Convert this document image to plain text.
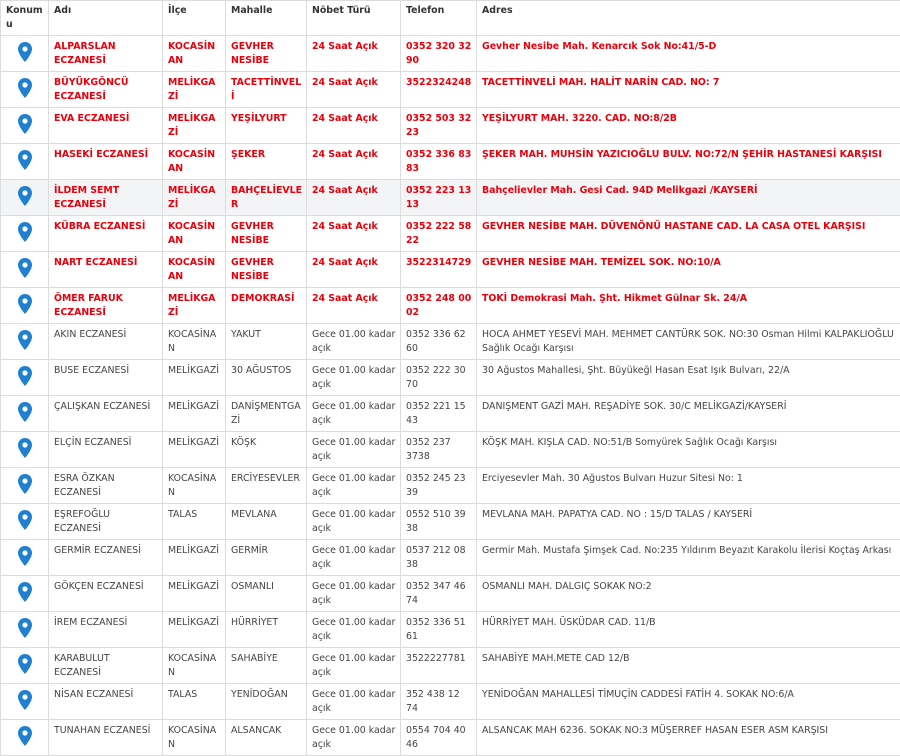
Konumu	Adı	İlçe	Mahalle	Nöbet Türü	Telefon	Adres
	ALPARSLAN ECZANESİ	KOCASİNAN	GEVHER NESİBE	24 Saat Açık	0352 320 32 90	Gevher Nesibe Mah. Kenarcık Sok No:41/5-D
	BÜYÜKGÖNCÜ ECZANESİ	MELİKGAZİ	TACETTİNVELİ	24 Saat Açık	3522324248	TACETTİNVELİ MAH. HALİT NARİN CAD. NO: 7
	EVA ECZANESİ	MELİKGAZİ	YEŞİLYURT	24 Saat Açık	0352 503 32 23	YEŞİLYURT MAH. 3220. CAD. NO:8/2B
	HASEKİ ECZANESİ	KOCASİNAN	ŞEKER	24 Saat Açık	0352 336 83 83	ŞEKER MAH. MUHSİN YAZICIOĞLU BULV. NO:72/N ŞEHİR HASTANESİ KARŞISI
	İLDEM SEMT ECZANESİ	MELİKGAZİ	BAHÇELİEVLER	24 Saat Açık	0352 223 13 13	Bahçelievler Mah. Gesi Cad. 94D Melikgazi /KAYSERİ
	KÜBRA ECZANESİ	KOCASİNAN	GEVHER NESİBE	24 Saat Açık	0352 222 58 22	GEVHER NESİBE MAH. DÜVENÖNÜ HASTANE CAD. LA CASA OTEL KARŞISI
	NART ECZANESİ	KOCASİNAN	GEVHER NESİBE	24 Saat Açık	3522314729	GEVHER NESİBE MAH. TEMİZEL SOK. NO:10/A
	ÖMER FARUK ECZANESİ	MELİKGAZİ	DEMOKRASİ	24 Saat Açık	0352 248 00 02	TOKİ Demokrasi Mah. Şht. Hikmet Gülnar Sk. 24/A
	AKIN ECZANESİ	KOCASİNAN	YAKUT	Gece 01.00 kadar açık	0352 336 62 60	HOCA AHMET YESEVİ MAH. MEHMET CANTÜRK SOK. NO:30 Osman Hilmi KALPAKLIOĞLU Sağlık Ocağı Karşısı
	BUSE ECZANESİ	MELİKGAZİ	30 AĞUSTOS	Gece 01.00 kadar açık	0352 222 30 70	30 Ağustos Mahallesi, Şht. Büyükeğl Hasan Esat Işık Bulvarı, 22/A
	ÇALIŞKAN ECZANESİ	MELİKGAZİ	DANİŞMENTGAZİ	Gece 01.00 kadar açık	0352 221 15 43	DANIŞMENT GAZİ MAH. REŞADİYE SOK. 30/C MELİKGAZİ/KAYSERİ
	ELÇİN ECZANESİ	MELİKGAZİ	KÖŞK	Gece 01.00 kadar açık	0352 237 3738	KÖŞK MAH. KIŞLA CAD. NO:51/B Somyürek Sağlık Ocağı Karşısı
	ESRA ÖZKAN ECZANESİ	KOCASİNAN	ERCİYESEVLER	Gece 01.00 kadar açık	0352 245 23 39	Erciyesevler Mah. 30 Ağustos Bulvarı Huzur Sitesi No: 1
	EŞREFOĞLU ECZANESİ	TALAS	MEVLANA	Gece 01.00 kadar açık	0552 510 39 38	MEVLANA MAH. PAPATYA CAD. NO : 15/D TALAS / KAYSERİ
	GERMİR ECZANESİ	MELİKGAZİ	GERMİR	Gece 01.00 kadar açık	0537 212 08 38	Germir Mah. Mustafa Şimşek Cad. No:235 Yıldırım Beyazıt Karakolu İlerisi Koçtaş Arkası
	GÖKÇEN ECZANESİ	MELİKGAZİ	OSMANLI	Gece 01.00 kadar açık	0352 347 46 74	OSMANLI MAH. DALGIÇ SOKAK NO:2
	İREM ECZANESİ	MELİKGAZİ	HÜRRİYET	Gece 01.00 kadar açık	0352 336 51 61	HÜRRİYET MAH. ÜSKÜDAR CAD. 11/B
	KARABULUT ECZANESİ	KOCASİNAN	SAHABİYE	Gece 01.00 kadar açık	3522227781	SAHABİYE MAH.METE CAD 12/B
	NİSAN ECZANESİ	TALAS	YENİDOĞAN	Gece 01.00 kadar açık	352 438 12 74	YENİDOĞAN MAHALLESİ TİMUÇİN CADDESİ FATİH 4. SOKAK NO:6/A
	TUNAHAN ECZANESİ	KOCASİNAN	ALSANCAK	Gece 01.00 kadar açık	0554 704 40 46	ALSANCAK MAH 6236. SOKAK NO:3 MÜŞERREF HASAN ESER ASM KARŞISI
